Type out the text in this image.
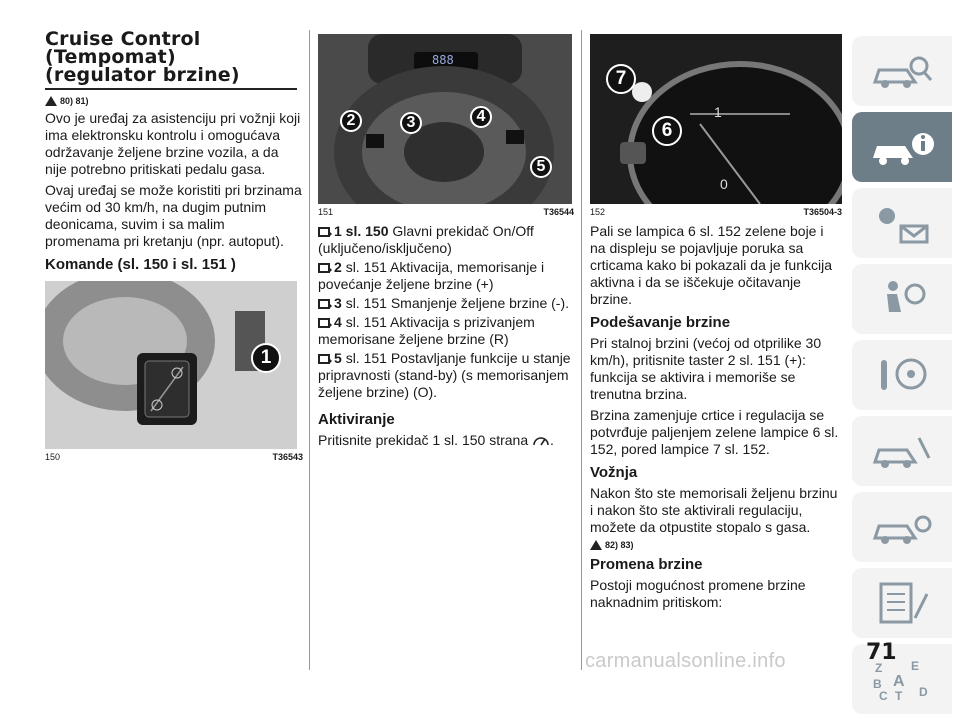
Cruise Control
(Tempomat)
(regulator brzine)
80) 81)

Ovo je uređaj za asistenciju pri vožnji koji ima elektronsku kontrolu i omogućava održavanje željene brzine vozila, a da nije potrebno pritiskati pedalu gasa.

Ovaj uređaj se može koristiti pri brzinama većim od 30 km/h, na dugim putnim deonicama, suvim i sa malim promenama pri kretanju (npr. autoput).

Komande (sl. 150 i sl. 151 )
1
150	T36543
888
2	3	4
5
151	T36544
1 sl. 150 Glavni prekidač On/Off (uključeno/isključeno)
2 sl. 151 Aktivacija, memorisanje i povećanje željene brzine (+)
3 sl. 151 Smanjenje željene brzine (-).
4 sl. 151 Aktivacija s prizivanjem memorisane željene brzine (R)
5 sl. 151 Postavljanje funkcije u stanje pripravnosti (stand-by) (s memorisanjem željene brzine) (O).
Aktiviranje

Pritisnite prekidač 1 sl. 150 strana .

1
0
7
6
152	T36504-3

Pali se lampica 6 sl. 152 zelene boje i na displeju se pojavljuje poruka sa crticama kako bi pokazali da je funkcija aktivna i da se iščekuje očitavanje brzine.

Podešavanje brzine

Pri stalnoj brzini (većoj od otprilike 30 km/h), pritisnite taster 2 sl. 151 (+): funkcija se aktivira i memoriše se trenutna brzina.

Brzina zamenjuje crtice i regulacija se potvrđuje paljenjem zelene lampice 6 sl. 152, pored lampice 7 sl. 152.

Vožnja

Nakon što ste memorisali željenu brzinu i nakon što ste aktivirali regulaciju, možete da otpustite stopalo s gasa.

82) 83)
Promena brzine

Postoji mogućnost promene brzine naknadnim pritiskom:

Z E
A
B
C T D
71
carmanualsonline.info
